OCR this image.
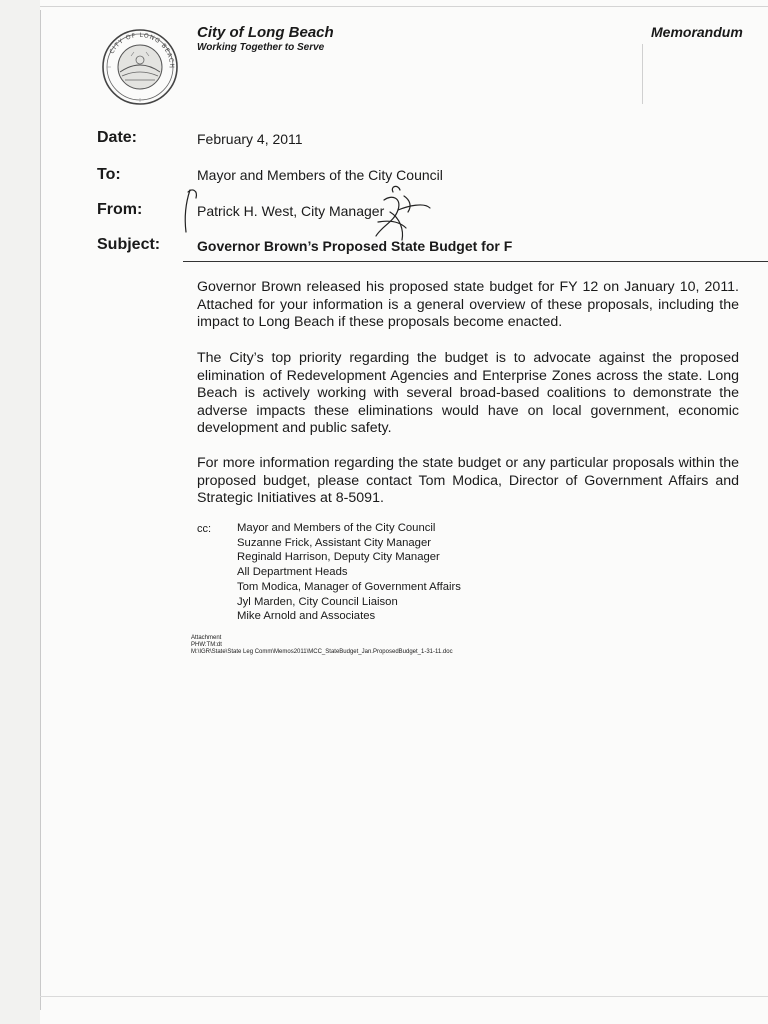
CITY OF LONG BEACH
City of Long Beach
Working Together to Serve
Memorandum
Date:	February 4, 2011
To:	Mayor and Members of the City Council
From:	Patrick H. West, City Manager
Subject:	Governor Brown’s Proposed State Budget for F

Governor Brown released his proposed state budget for FY 12 on January 10, 2011. Attached for your information is a general overview of these proposals, including the impact to Long Beach if these proposals become enacted.

The City’s top priority regarding the budget is to advocate against the proposed elimination of Redevelopment Agencies and Enterprise Zones across the state. Long Beach is actively working with several broad-based coalitions to demonstrate the adverse impacts these eliminations would have on local government, economic development and public safety.

For more information regarding the state budget or any particular proposals within the proposed budget, please contact Tom Modica, Director of Government Affairs and Strategic Initiatives at 8-5091.

cc: Mayor and Members of the City Council
Suzanne Frick, Assistant City Manager
Reginald Harrison, Deputy City Manager
All Department Heads
Tom Modica, Manager of Government Affairs
Jyl Marden, City Council Liaison
Mike Arnold and Associates
Attachment
PHW:TM:dt
M:\IGR\State\State Leg Comm\Memos2011\MCC_StateBudget_Jan.ProposedBudget_1-31-11.doc
